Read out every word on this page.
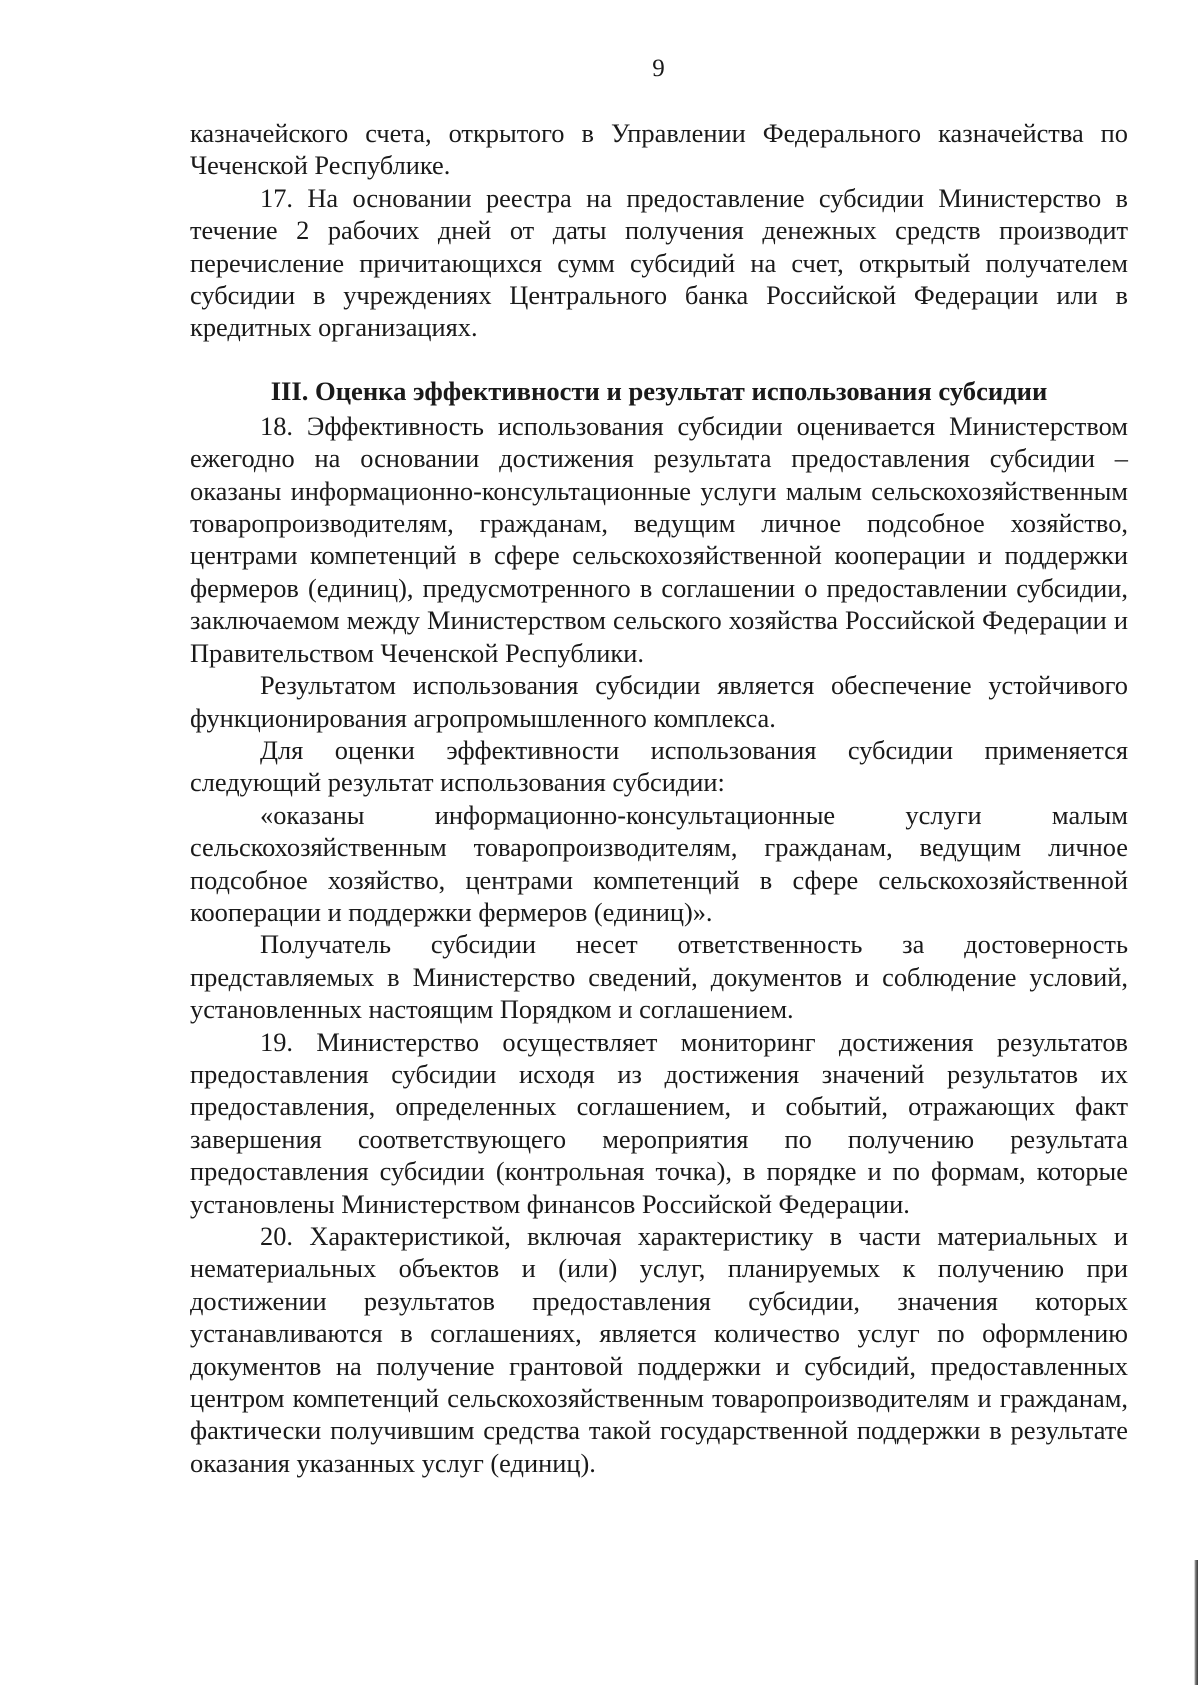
9

казначейского счета, открытого в Управлении Федерального казначейства по Чеченской Республике.

17. На основании реестра на предоставление субсидии Министерство в течение 2 рабочих дней от даты получения денежных средств производит перечисление причитающихся сумм субсидий на счет, открытый получателем субсидии в учреждениях Центрального банка Российской Федерации или в кредитных организациях.

III. Оценка эффективности и результат использования субсидии

18. Эффективность использования субсидии оценивается Министерством ежегодно на основании достижения результата предоставления субсидии – оказаны информационно-консультационные услуги малым сельскохозяйственным товаропроизводителям, гражданам, ведущим личное подсобное хозяйство, центрами компетенций в сфере сельскохозяйственной кооперации и поддержки фермеров (единиц), предусмотренного в соглашении о предоставлении субсидии, заключаемом между Министерством сельского хозяйства Российской Федерации и Правительством Чеченской Республики.

Результатом использования субсидии является обеспечение устойчивого функционирования агропромышленного комплекса.

Для оценки эффективности использования субсидии применяется следующий результат использования субсидии:

«оказаны информационно-консультационные услуги малым сельскохозяйственным товаропроизводителям, гражданам, ведущим личное подсобное хозяйство, центрами компетенций в сфере сельскохозяйственной кооперации и поддержки фермеров (единиц)».

Получатель субсидии несет ответственность за достоверность представляемых в Министерство сведений, документов и соблюдение условий, установленных настоящим Порядком и соглашением.

19. Министерство осуществляет мониторинг достижения результатов предоставления субсидии исходя из достижения значений результатов их предоставления, определенных соглашением, и событий, отражающих факт завершения соответствующего мероприятия по получению результата предоставления субсидии (контрольная точка), в порядке и по формам, которые установлены Министерством финансов Российской Федерации.

20. Характеристикой, включая характеристику в части материальных и нематериальных объектов и (или) услуг, планируемых к получению при достижении результатов предоставления субсидии, значения которых устанавливаются в соглашениях, является количество услуг по оформлению документов на получение грантовой поддержки и субсидий, предоставленных центром компетенций сельскохозяйственным товаропроизводителям и гражданам, фактически получившим средства такой государственной поддержки в результате оказания указанных услуг (единиц).
